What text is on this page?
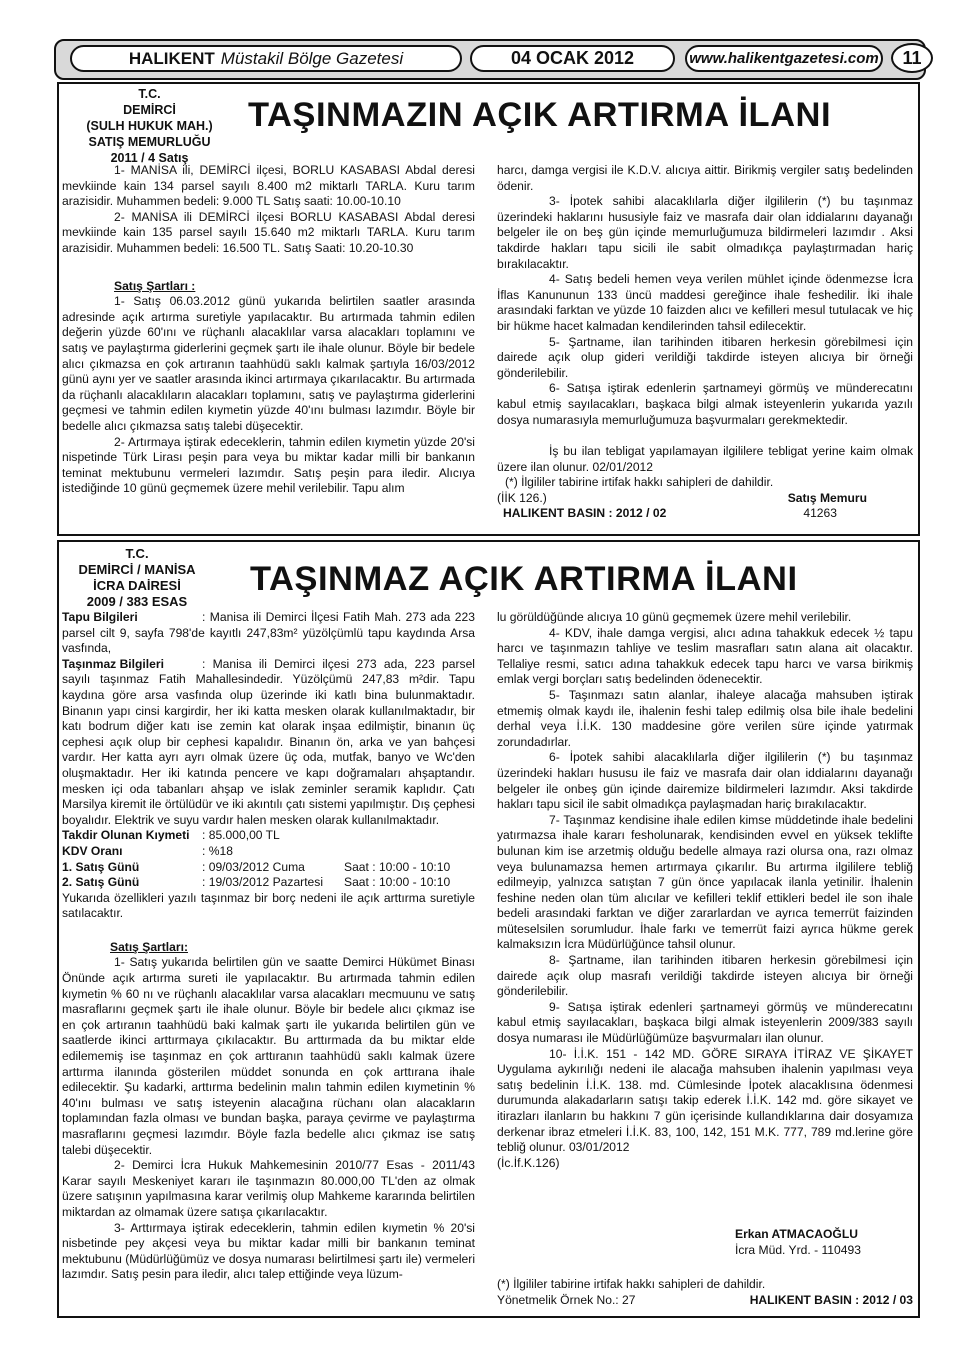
HALIKENT Müstakil Bölge Gazetesi	04 OCAK 2012	www.halikentgazetesi.com	11
T.C.
DEMİRCİ
(SULH HUKUK MAH.)
SATIŞ MEMURLUĞU
2011 / 4 Satış
TAŞINMAZIN AÇIK ARTIRMA İLANI

1- MANİSA ili, DEMİRCİ ilçesi, BORLU KASABASI Abdal deresi mevkiinde kain 134 parsel sayılı 8.400 m2 miktarlı TARLA. Kuru tarım arazisidir. Muhammen bedeli: 9.000 TL Satış saati: 10.00-10.10

2- MANİSA ili DEMİRCİ ilçesi BORLU KASABASI Abdal deresi mevkiinde kain 135 parsel sayılı 15.640 m2 miktarlı TARLA. Kuru tarım arazisidir. Muhammen bedeli: 16.500 TL. Satış Saati: 10.20-10.30

Satış Şartları :

1- Satış 06.03.2012 günü yukarıda belirtilen saatler arasında adresinde açık artırma suretiyle yapılacaktır. Bu artırmada tahmin edilen değerin yüzde 60'ını ve rüçhanlı alacaklılar varsa alacakları toplamını ve satış ve paylaştırma giderlerini geçmek şartı ile ihale olunur. Böyle bir bedele alıcı çıkmazsa en çok artıranın taahhüdü saklı kalmak şartıyla 16/03/2012 günü aynı yer ve saatler arasında ikinci artırmaya çıkarılacaktır. Bu artırmada da rüçhanlı alacaklıların alacakları toplamını, satış ve paylaştırma giderlerini geçmesi ve tahmin edilen kıymetin yüzde 40'ını bulması lazımdır. Böyle bir bedelle alıcı çıkmazsa satış talebi düşecektir.

2- Artırmaya iştirak edeceklerin, tahmin edilen kıymetin yüzde 20'si nispetinde Türk Lirası peşin para veya bu miktar kadar milli bir bankanın teminat mektubunu vermeleri lazımdır. Satış peşin para iledir. Alıcıya istediğinde 10 günü geçmemek üzere mehil verilebilir. Tapu alım

harcı, damga vergisi ile K.D.V. alıcıya aittir. Birikmiş vergiler satış bedelinden ödenir.

3- İpotek sahibi alacaklılarla diğer ilgililerin (*) bu taşınmaz üzerindeki haklarını hususiyle faiz ve masrafa dair olan iddialarını dayanağı belgeler ile on beş gün içinde memurluğumuza bildirmeleri lazımdır . Aksi takdirde hakları tapu sicili ile sabit olmadıkça paylaştırmadan hariç bırakılacaktır.

4- Satış bedeli hemen veya verilen mühlet içinde ödenmezse İcra İflas Kanununun 133 üncü maddesi gereğince ihale feshedilir. İki ihale arasındaki farktan ve yüzde 10 faizden alıcı ve kefilleri mesul tutulacak ve hiç bir hükme hacet kalmadan kendilerinden tahsil edilecektir.

5- Şartname, ilan tarihinden itibaren herkesin görebilmesi için dairede açık olup gideri verildiği takdirde isteyen alıcıya bir örneği gönderilebilir.

6- Satışa iştirak edenlerin şartnameyi görmüş ve münderecatını kabul etmiş sayılacakları, başkaca bilgi almak isteyenlerin yukarıda yazılı dosya numarasıyla memurluğumuza başvurmaları gerekmektedir.

İş bu ilan tebligat yapılamayan ilgililere tebligat yerine kaim olmak üzere ilan olunur. 02/01/2012

(*) İlgililer tabirine irtifak hakkı sahipleri de dahildir.

(İİK 126.)	Satış Memuru
HALIKENT BASIN : 2012 / 02	41263
T.C.
DEMİRCİ / MANİSA
İCRA DAİRESİ
2009 / 383 ESAS
TAŞINMAZ AÇIK ARTIRMA İLANI

Tapu Bilgileri	: Manisa ili Demirci İlçesi Fatih Mah. 273 ada 223 parsel cilt 9, sayfa 798'de kayıtlı 247,83m² yüzölçümlü tapu kaydında Arsa vasfında,

Taşınmaz Bilgileri	: Manisa ili Demirci ilçesi 273 ada, 223 parsel sayılı taşınmaz Fatih Mahallesindedir. Yüzölçümü 247,83 m²dir. Tapu kaydına göre arsa vasfında olup üzerinde iki katlı bina bulunmaktadır. Binanın yapı cinsi kargirdir, her iki katta mesken olarak kullanılmaktadır, bir katı bodrum diğer katı ise zemin kat olarak inşaa edilmiştir, binanın üç cephesi açık olup bir cephesi kapalıdır. Binanın ön, arka ve yan bahçesi vardır. Her katta ayrı ayrı olmak üzere üç oda, mutfak, banyo ve Wc'den oluşmaktadır. Her iki katında pencere ve kapı doğramaları ahşaptandır. mesken içi oda tabanları ahşap ve islak zeminler seramik kaplıdır. Çatı Marsilya kiremit ile örtülüdür ve iki akıntılı çatı sistemi yapılmıştır. Dış çephesi boyalıdır. Elektrik ve suyu vardır halen mesken olarak kullanılmaktadır.

Takdir Olunan Kıymeti : 85.000,00 TL

KDV Oranı	: %18

1. Satış Günü	: 09/03/2012 Cuma	Saat : 10:00 - 10:10

2. Satış Günü	: 19/03/2012 Pazartesi Saat : 10:00 - 10:10

Yukarıda özellikleri yazılı taşınmaz bir borç nedeni ile açık arttırma suretiyle satılacaktır.

Satış Şartları:

1- Satış yukarıda belirtilen gün ve saatte Demirci Hükümet Binası Önünde açık artırma sureti ile yapılacaktır. Bu artırmada tahmin edilen kıymetin % 60 nı ve rüçhanlı alacaklılar varsa alacakları mecmuunu ve satış masraflarını geçmek şartı ile ihale olunur. Böyle bir bedele alıcı çıkmaz ise en çok artıranın taahhüdü baki kalmak şartı ile yukarıda belirtilen gün ve saatlerde ikinci arttırmaya çıkılacaktır. Bu arttırmada da bu miktar elde edilememiş ise taşınmaz en çok arttıranın taahhüdü saklı kalmak üzere arttırma ilanında gösterilen müddet sonunda en çok arttırana ihale edilecektir. Şu kadarki, arttırma bedelinin malın tahmin edilen kıymetinin % 40'ını bulması ve satış isteyenin alacağına rüchanı olan alacakların toplamından fazla olması ve bundan başka, paraya çevirme ve paylaştırma masraflarını geçmesi lazımdır. Böyle fazla bedelle alıcı çıkmaz ise satış talebi düşecektir.

2- Demirci İcra Hukuk Mahkemesinin 2010/77 Esas - 2011/43 Karar sayılı Meskeniyet kararı ile taşınmazın 80.000,00 TL'den az olmak üzere satışının yapılmasına karar verilmiş olup Mahkeme kararında belirtilen miktardan az olmamak üzere satışa çıkarılacaktır.

3- Arttırmaya iştirak edeceklerin, tahmin edilen kıymetin % 20'si nisbetinde pey akçesi veya bu miktar kadar milli bir bankanın teminat mektubunu (Müdürlüğümüz ve dosya numarası belirtilmesi şartı ile) vermeleri lazımdır. Satış pesin para iledir, alıcı talep ettiğinde veya lüzum-

lu görüldüğünde alıcıya 10 günü geçmemek üzere mehil verilebilir.

4- KDV, ihale damga vergisi, alıcı adına tahakkuk edecek ½ tapu harcı ve taşınmazın tahliye ve teslim masrafları satın alana ait olacaktır. Tellaliye resmi, satıcı adına tahakkuk edecek tapu harcı ve varsa birikmiş emlak vergi borçları satış bedelinden ödenecektir.

5- Taşınmazı satın alanlar, ihaleye alacağa mahsuben iştirak etmemiş olmak kaydı ile, ihalenin feshi talep edilmiş olsa bile ihale bedelini derhal veya İ.İ.K. 130 maddesine göre verilen süre içinde yatırmak zorundadırlar.

6- İpotek sahibi alacaklılarla diğer ilgililerin (*) bu taşınmaz üzerindeki hakları hususu ile faiz ve masrafa dair olan iddialarını dayanağı belgeler ile onbeş gün içinde dairemize bildirmeleri lazımdır. Aksi takdirde hakları tapu sicil ile sabit olmadıkça paylaşmadan hariç bırakılacaktır.

7- Taşınmaz kendisine ihale edilen kimse müddetinde ihale bedelini yatırmazsa ihale kararı fesholunarak, kendisinden evvel en yüksek teklifte bulunan kim ise arzetmiş olduğu bedelle almaya razi olursa ona, razı olmaz veya bulunamazsa hemen artırmaya çıkarılır. Bu artırma ilgililere tebliğ edilmeyip, yalnızca satıştan 7 gün önce yapılacak ilanla yetinilir. İhalenin feshine neden olan tüm alıcılar ve kefilleri teklif ettikleri bedel ile son ihale bedeli arasındaki farktan ve diğer zararlardan ve ayrıca temerrüt faizinden müteselsilen sorumludur. İhale farkı ve temerrüt faizi ayrıca hükme gerek kalmaksızın İcra Müdürlüğünce tahsil olunur.

8- Şartname, ilan tarihinden itibaren herkesin görebilmesi için dairede açık olup masrafı verildiği takdirde isteyen alıcıya bir örneği gönderilebilir.

9- Satışa iştirak edenleri şartnameyi görmüş ve münderecatını kabul etmiş sayılacakları, başkaca bilgi almak isteyenlerin 2009/383 sayılı dosya numarası ile Müdürlüğümüze başvurmaları ilan olunur.

10- İ.İ.K. 151 - 142 MD. GÖRE SIRAYA İTİRAZ VE ŞİKAYET Uygulama aykırılığı nedeni ile alacağa mahsuben ihalenin yapılması veya satış bedelinin İ.İ.K. 138. md. Cümlesinde İpotek alacaklısına ödenmesi durumunda alakadarların satışı takip ederek İ.İ.K. 142 md. göre sikayet ve itirazları ilanların bu hakkını 7 gün içerisinde kullandıklarına dair dosyamıza derkenar ibraz etmeleri İ.İ.K. 83, 100, 142, 151 M.K. 777, 789 md.lerine göre tebliğ olunur. 03/01/2012

(İc.İf.K.126)

Erkan ATMACAOĞLU

İcra Müd. Yrd. - 110493

(*) İlgililer tabirine irtifak hakkı sahipleri de dahildir.

Yönetmelik Örnek No.: 27	HALIKENT BASIN : 2012 / 03
